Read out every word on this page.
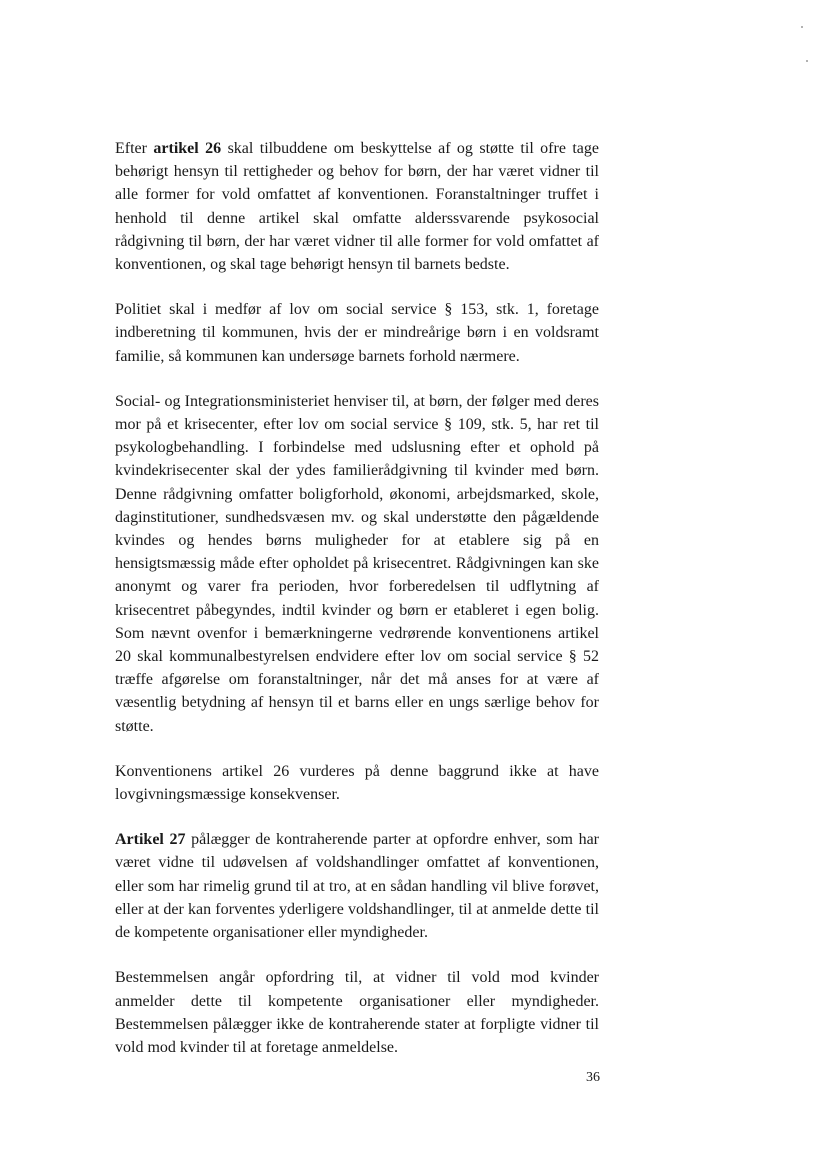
Efter artikel 26 skal tilbuddene om beskyttelse af og støtte til ofre tage behørigt hensyn til rettigheder og behov for børn, der har været vidner til alle former for vold omfattet af konventionen. Foranstaltninger truffet i henhold til denne artikel skal omfatte alderssvarende psykosocial rådgivning til børn, der har været vidner til alle former for vold omfattet af konventionen, og skal tage behørigt hensyn til barnets bedste.

Politiet skal i medfør af lov om social service § 153, stk. 1, foretage indberetning til kommunen, hvis der er mindreårige børn i en voldsramt familie, så kommunen kan undersøge barnets forhold nærmere.

Social- og Integrationsministeriet henviser til, at børn, der følger med deres mor på et krisecenter, efter lov om social service § 109, stk. 5, har ret til psykologbehandling. I forbindelse med udslusning efter et ophold på kvindekrisecenter skal der ydes familierådgivning til kvinder med børn. Denne rådgivning omfatter boligforhold, økonomi, arbejdsmarked, skole, daginstitutioner, sundhedsvæsen mv. og skal understøtte den pågældende kvindes og hendes børns muligheder for at etablere sig på en hensigtsmæssig måde efter opholdet på krisecentret. Rådgivningen kan ske anonymt og varer fra perioden, hvor forberedelsen til udflytning af krisecentret påbegyndes, indtil kvinder og børn er etableret i egen bolig. Som nævnt ovenfor i bemærkningerne vedrørende konventionens artikel 20 skal kommunalbestyrelsen endvidere efter lov om social service § 52 træffe afgørelse om foranstaltninger, når det må anses for at være af væsentlig betydning af hensyn til et barns eller en ungs særlige behov for støtte.

Konventionens artikel 26 vurderes på denne baggrund ikke at have lovgivningsmæssige konsekvenser.

Artikel 27 pålægger de kontraherende parter at opfordre enhver, som har været vidne til udøvelsen af voldshandlinger omfattet af konventionen, eller som har rimelig grund til at tro, at en sådan handling vil blive forøvet, eller at der kan forventes yderligere voldshandlinger, til at anmelde dette til de kompetente organisationer eller myndigheder.

Bestemmelsen angår opfordring til, at vidner til vold mod kvinder anmelder dette til kompetente organisationer eller myndigheder. Bestemmelsen pålægger ikke de kontraherende stater at forpligte vidner til vold mod kvinder til at foretage anmeldelse.

36
